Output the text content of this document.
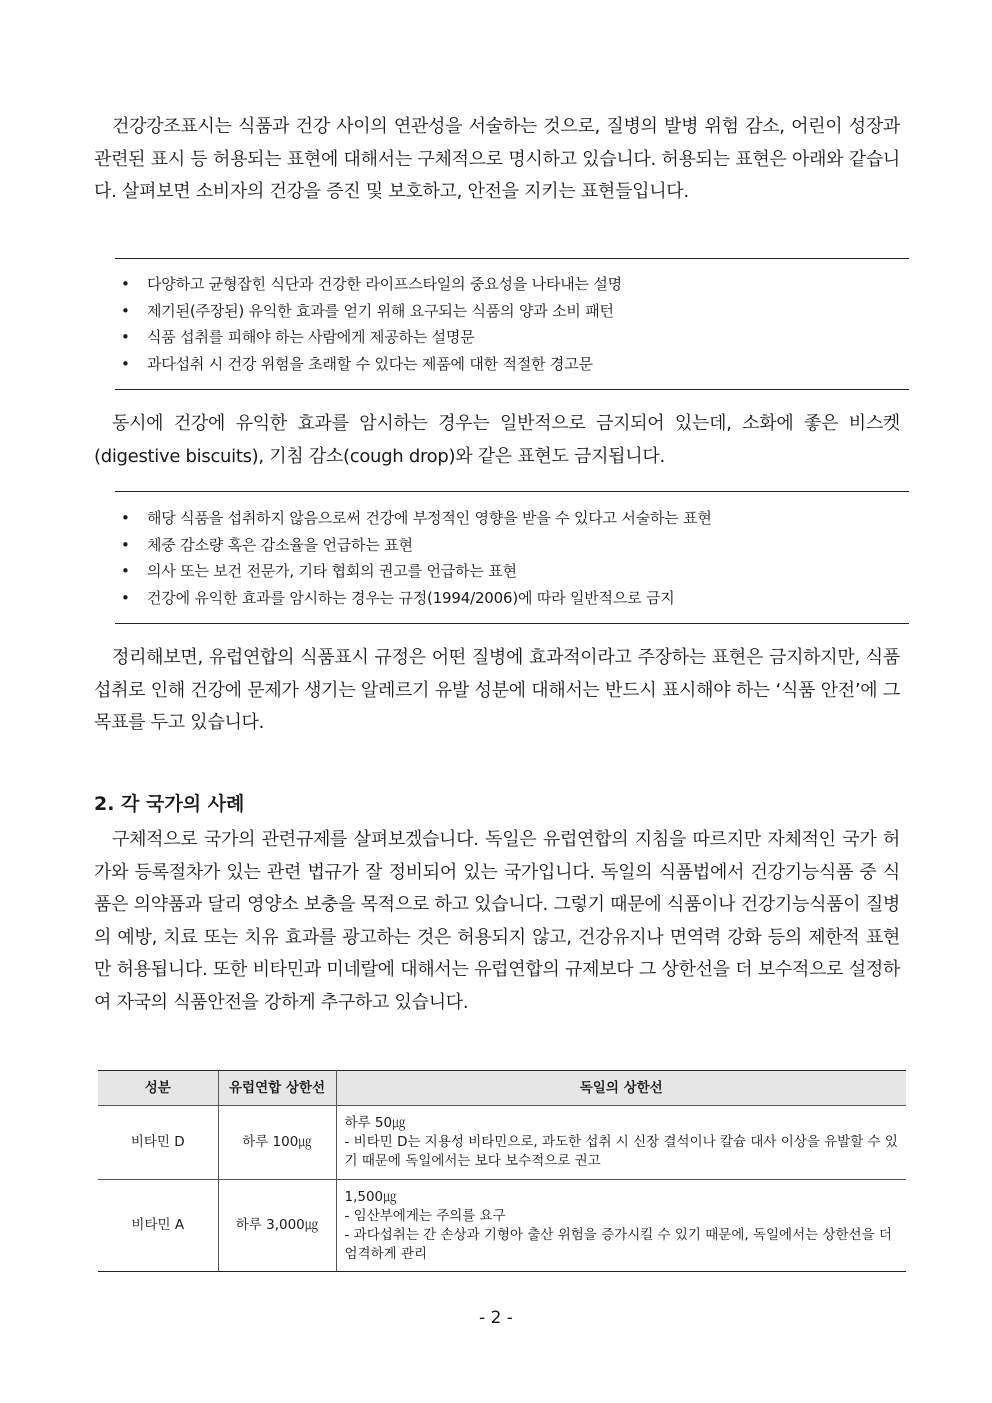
건강강조표시는 식품과 건강 사이의 연관성을 서술하는 것으로, 질병의 발병 위험 감소, 어린이 성장과 관련된 표시 등 허용되는 표현에 대해서는 구체적으로 명시하고 있습니다. 허용되는 표현은 아래와 같습니다. 살펴보면 소비자의 건강을 증진 및 보호하고, 안전을 지키는 표현들입니다.

• 다양하고 균형잡힌 식단과 건강한 라이프스타일의 중요성을 나타내는 설명
• 제기된(주장된) 유익한 효과를 얻기 위해 요구되는 식품의 양과 소비 패턴
• 식품 섭취를 피해야 하는 사람에게 제공하는 설명문
• 과다섭취 시 건강 위험을 초래할 수 있다는 제품에 대한 적절한 경고문

동시에 건강에 유익한 효과를 암시하는 경우는 일반적으로 금지되어 있는데, 소화에 좋은 비스켓(digestive biscuits), 기침 감소(cough drop)와 같은 표현도 금지됩니다.

• 해당 식품을 섭취하지 않음으로써 건강에 부정적인 영향을 받을 수 있다고 서술하는 표현
• 체중 감소량 혹은 감소율을 언급하는 표현
• 의사 또는 보건 전문가, 기타 협회의 권고를 언급하는 표현
• 건강에 유익한 효과를 암시하는 경우는 규정(1994/2006)에 따라 일반적으로 금지

정리해보면, 유럽연합의 식품표시 규정은 어떤 질병에 효과적이라고 주장하는 표현은 금지하지만, 식품 섭취로 인해 건강에 문제가 생기는 알레르기 유발 성분에 대해서는 반드시 표시해야 하는 ‘식품 안전’에 그 목표를 두고 있습니다.

2. 각 국가의 사례

구체적으로 국가의 관련규제를 살펴보겠습니다. 독일은 유럽연합의 지침을 따르지만 자체적인 국가 허가와 등록절차가 있는 관련 법규가 잘 정비되어 있는 국가입니다. 독일의 식품법에서 건강기능식품 중 식품은 의약품과 달리 영양소 보충을 목적으로 하고 있습니다. 그렇기 때문에 식품이나 건강기능식품이 질병의 예방, 치료 또는 치유 효과를 광고하는 것은 허용되지 않고, 건강유지나 면역력 강화 등의 제한적 표현만 허용됩니다. 또한 비타민과 미네랄에 대해서는 유럽연합의 규제보다 그 상한선을 더 보수적으로 설정하여 자국의 식품안전을 강하게 추구하고 있습니다.

성분	유럽연합 상한선	독일의 상한선
비타민 D	하루 100㎍	하루 50㎍
- 비타민 D는 지용성 비타민으로, 과도한 섭취 시 신장 결석이나 칼슘 대사 이상을 유발할 수 있기 때문에 독일에서는 보다 보수적으로 권고

비타민 A	하루 3,000㎍	1,500㎍
- 임산부에게는 주의를 요구
- 과다섭취는 간 손상과 기형아 출산 위험을 증가시킬 수 있기 때문에, 독일에서는 상한선을 더 엄격하게 관리
- 2 -
